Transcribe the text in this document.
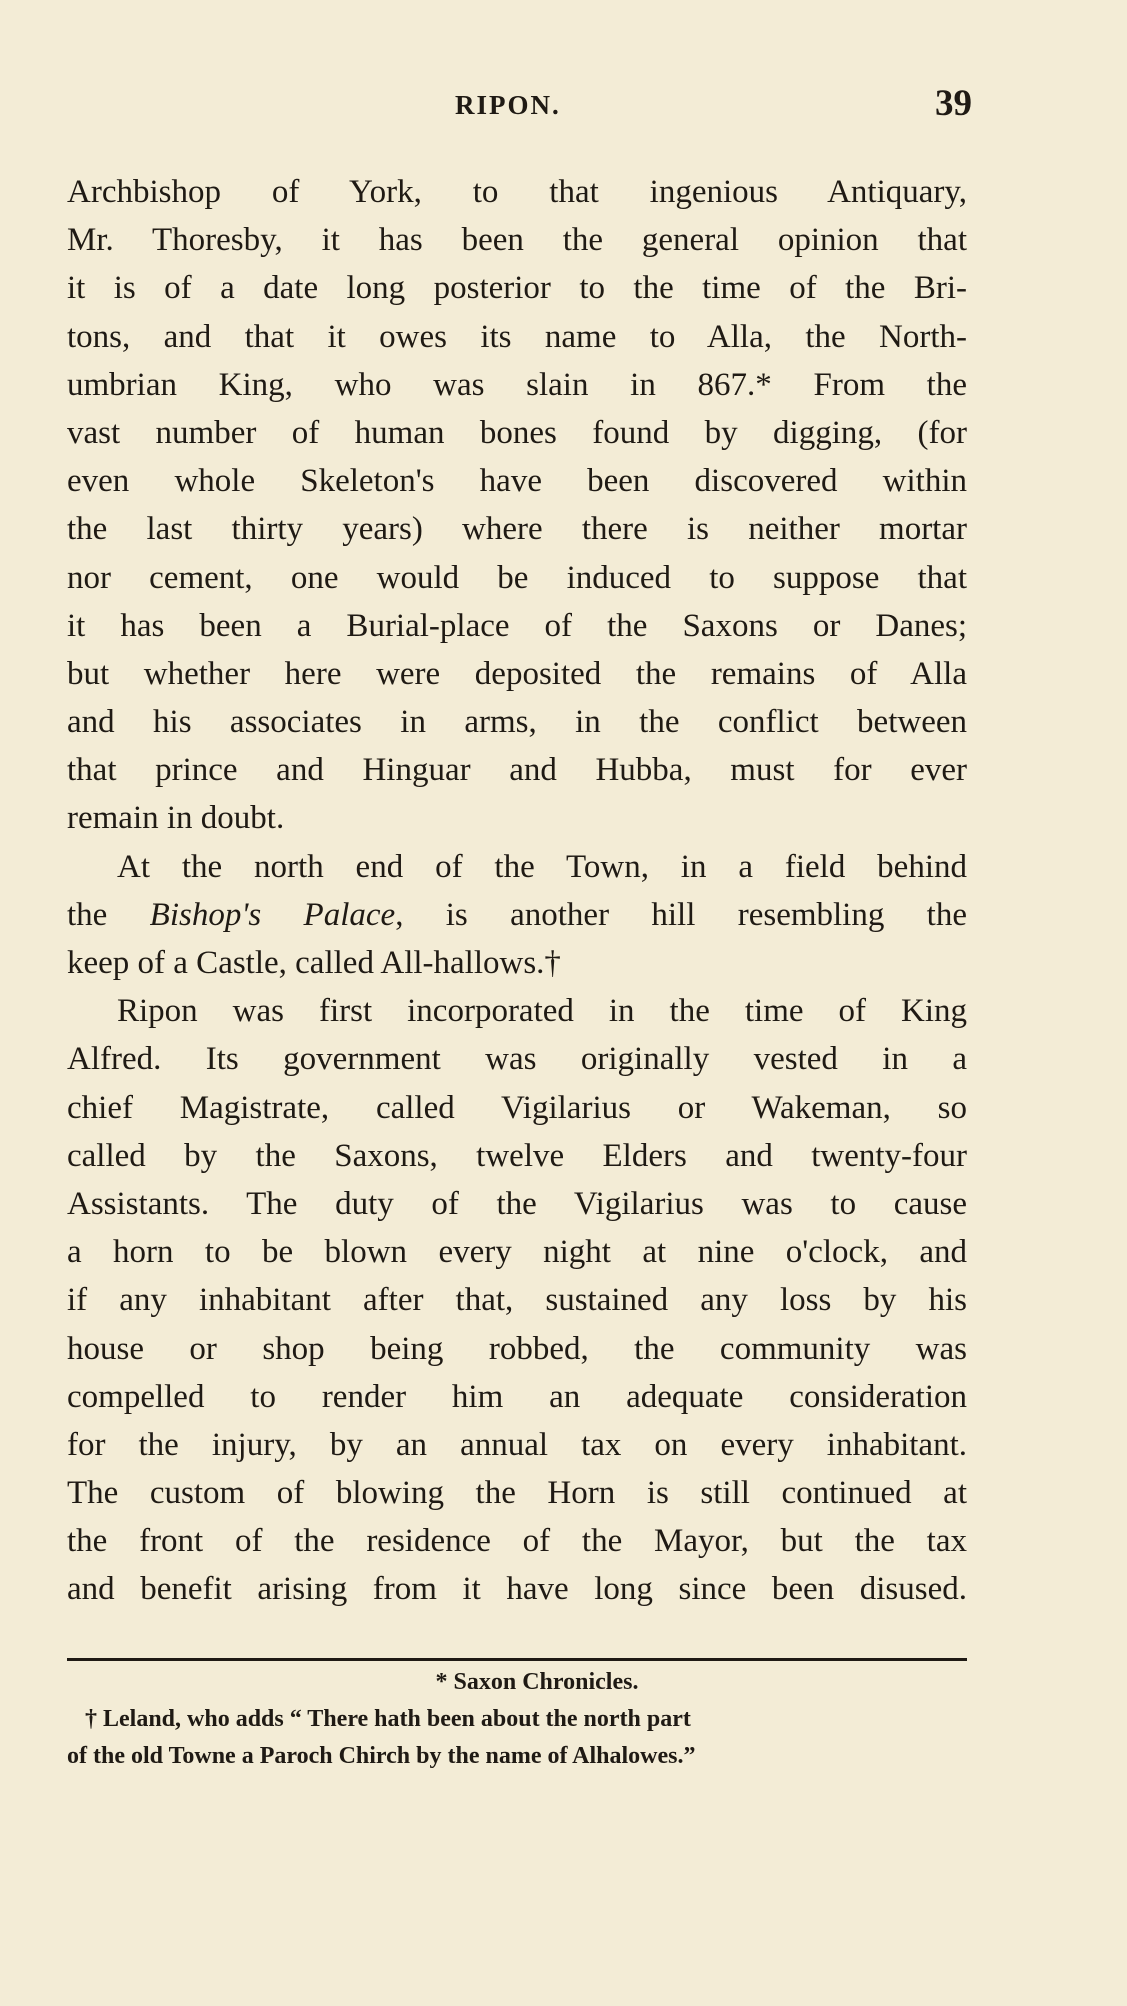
RIPON.	39
Archbishop of York, to that ingenious Antiquary,
Mr. Thoresby, it has been the general opinion that
it is of a date long posterior to the time of the Bri-
tons, and that it owes its name to Alla, the North-
umbrian King, who was slain in 867.* From the
vast number of human bones found by digging, (for
even whole Skeleton's have been discovered within
the last thirty years) where there is neither mortar
nor cement, one would be induced to suppose that
it has been a Burial-place of the Saxons or Danes;
but whether here were deposited the remains of Alla
and his associates in arms, in the conflict between
that prince and Hinguar and Hubba, must for ever
remain in doubt.
At the north end of the Town, in a field behind
the Bishop's Palace, is another hill resembling the
keep of a Castle, called All-hallows.†
Ripon was first incorporated in the time of King
Alfred. Its government was originally vested in a
chief Magistrate, called Vigilarius or Wakeman, so
called by the Saxons, twelve Elders and twenty-four
Assistants. The duty of the Vigilarius was to cause
a horn to be blown every night at nine o'clock, and
if any inhabitant after that, sustained any loss by his
house or shop being robbed, the community was
compelled to render him an adequate consideration
for the injury, by an annual tax on every inhabitant.
The custom of blowing the Horn is still continued at
the front of the residence of the Mayor, but the tax
and benefit arising from it have long since been disused.
* Saxon Chronicles.
† Leland, who adds “ There hath been about the north part
of the old Towne a Paroch Chirch by the name of Alhalowes.”
